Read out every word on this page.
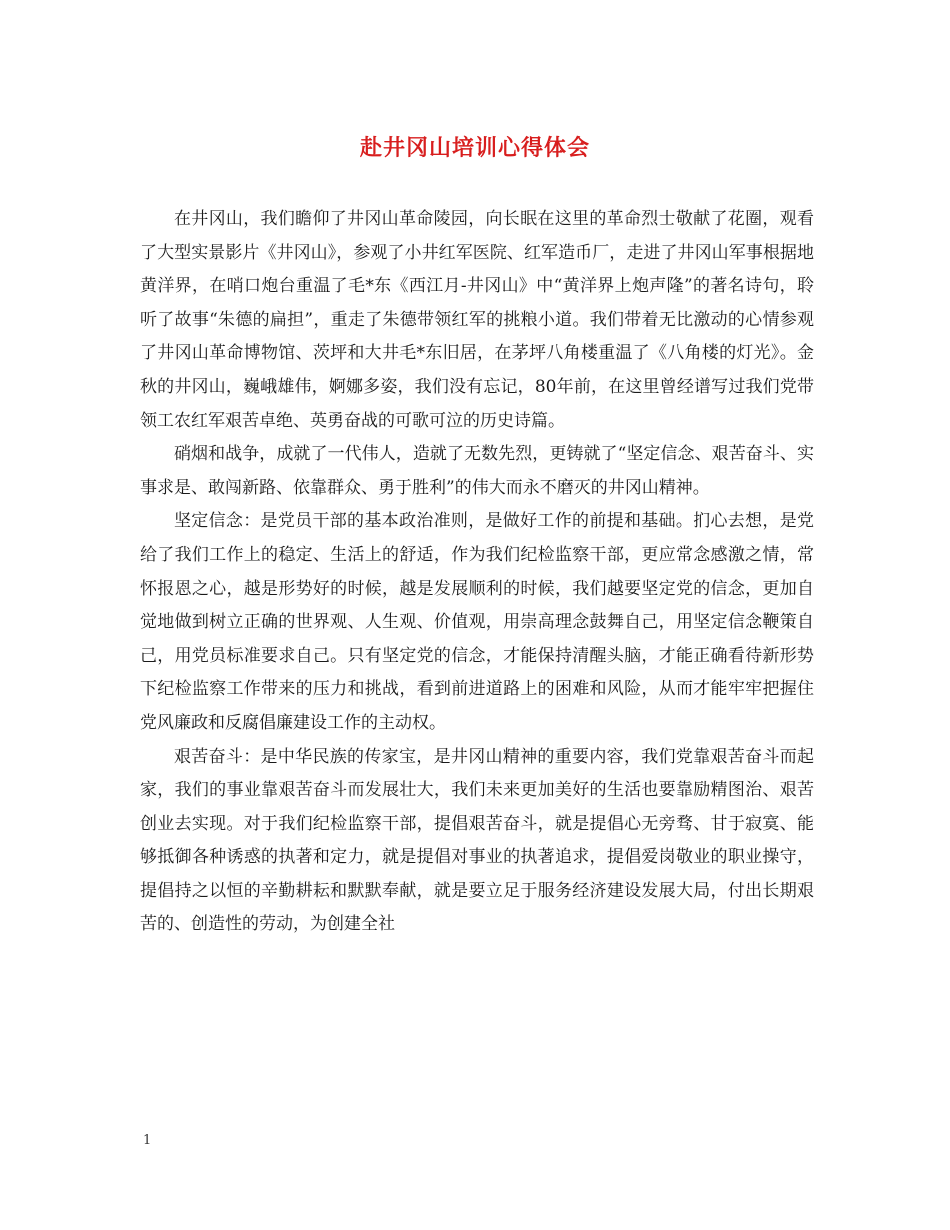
赴井冈山培训心得体会

在井冈山，我们瞻仰了井冈山革命陵园，向长眠在这里的革命烈士敬献了花圈，观看了大型实景影片《井冈山》，参观了小井红军医院、红军造币厂，走进了井冈山军事根据地黄洋界，在哨口炮台重温了毛*东《西江月-井冈山》中“黄洋界上炮声隆”的著名诗句，聆听了故事“朱德的扁担”，重走了朱德带领红军的挑粮小道。我们带着无比激动的心情参观了井冈山革命博物馆、茨坪和大井毛*东旧居，在茅坪八角楼重温了《八角楼的灯光》。金秋的井冈山，巍峨雄伟，婀娜多姿，我们没有忘记，80年前，在这里曾经谱写过我们党带领工农红军艰苦卓绝、英勇奋战的可歌可泣的历史诗篇。

硝烟和战争，成就了一代伟人，造就了无数先烈，更铸就了“坚定信念、艰苦奋斗、实事求是、敢闯新路、依靠群众、勇于胜利”的伟大而永不磨灭的井冈山精神。

坚定信念：是党员干部的基本政治准则，是做好工作的前提和基础。扪心去想，是党给了我们工作上的稳定、生活上的舒适，作为我们纪检监察干部，更应常念感激之情，常怀报恩之心，越是形势好的时候，越是发展顺利的时候，我们越要坚定党的信念，更加自觉地做到树立正确的世界观、人生观、价值观，用崇高理念鼓舞自己，用坚定信念鞭策自己，用党员标准要求自己。只有坚定党的信念，才能保持清醒头脑，才能正确看待新形势下纪检监察工作带来的压力和挑战，看到前进道路上的困难和风险，从而才能牢牢把握住党风廉政和反腐倡廉建设工作的主动权。

艰苦奋斗：是中华民族的传家宝，是井冈山精神的重要内容，我们党靠艰苦奋斗而起家，我们的事业靠艰苦奋斗而发展壮大，我们未来更加美好的生活也要靠励精图治、艰苦创业去实现。对于我们纪检监察干部，提倡艰苦奋斗，就是提倡心无旁骛、甘于寂寞、能够抵御各种诱惑的执著和定力，就是提倡对事业的执著追求，提倡爱岗敬业的职业操守，提倡持之以恒的辛勤耕耘和默默奉献，就是要立足于服务经济建设发展大局，付出长期艰苦的、创造性的劳动，为创建全社

1
